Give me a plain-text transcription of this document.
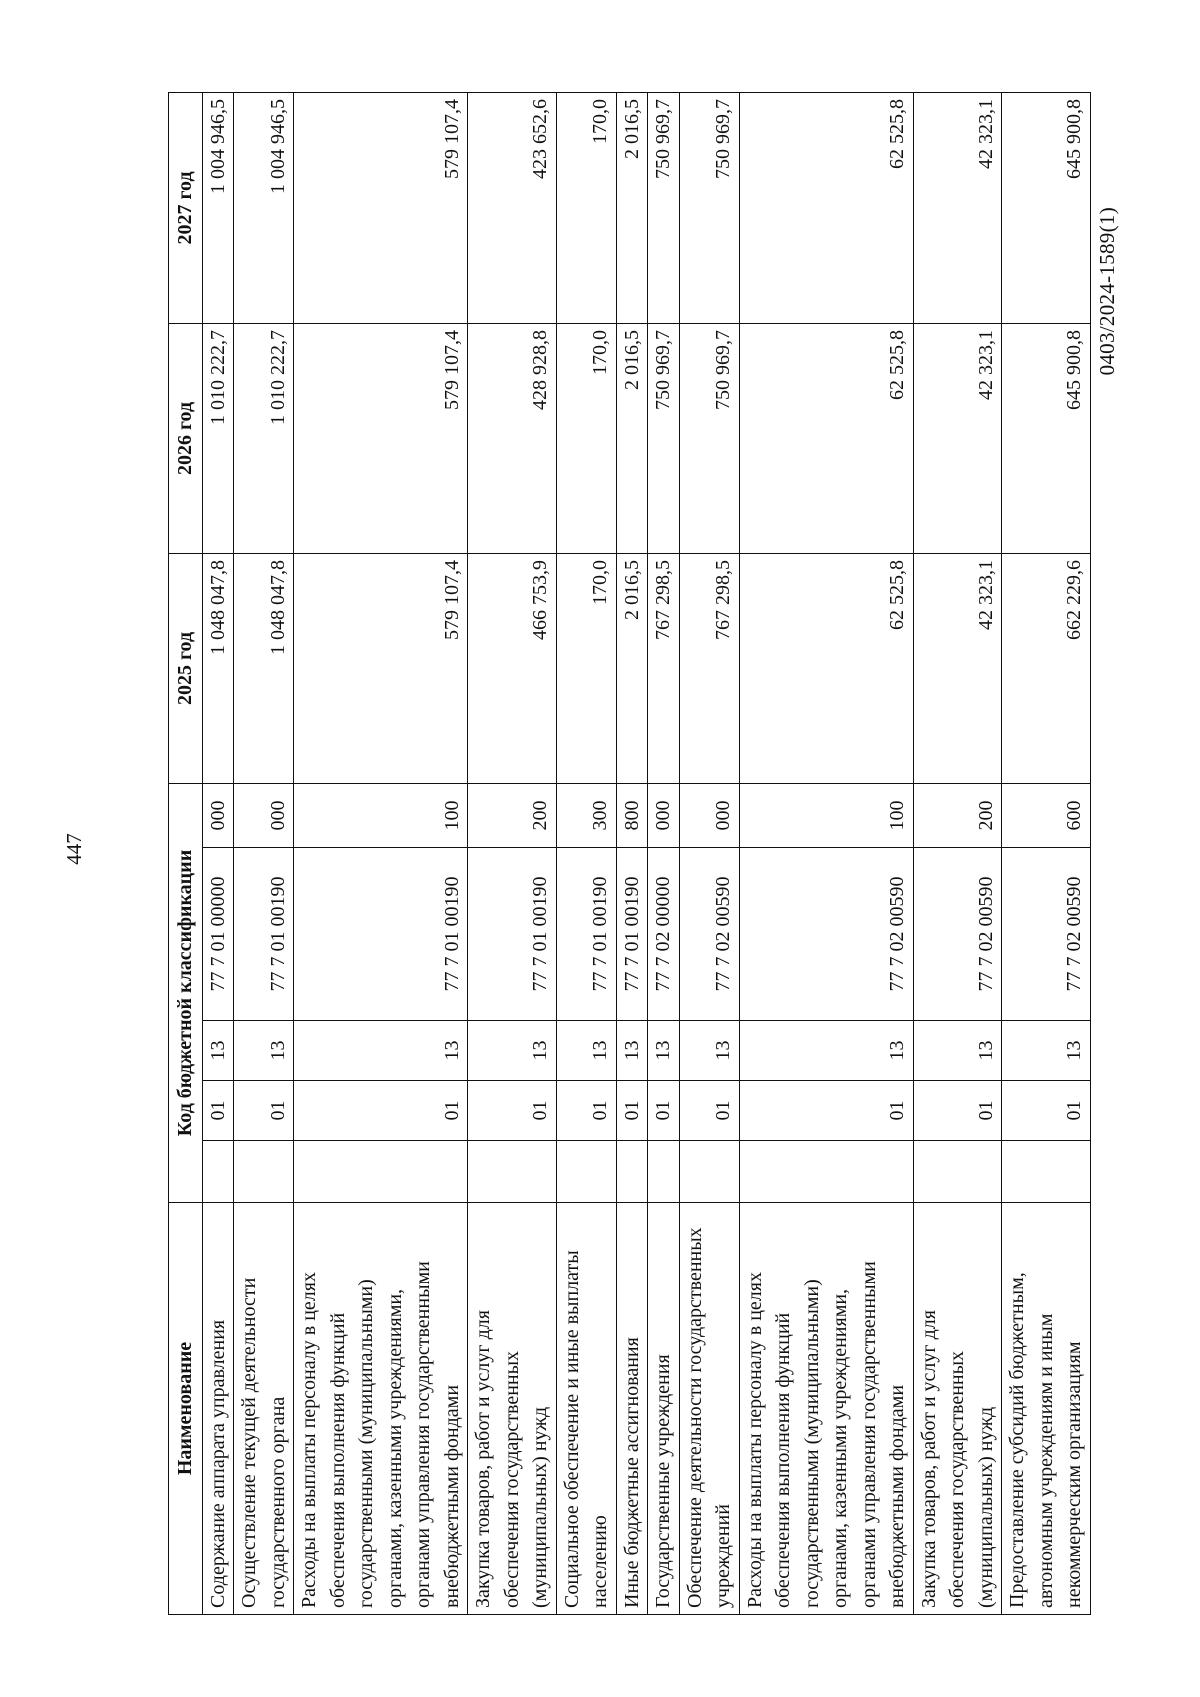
447
Наименование	Код бюджетной классификации					2025 год	2026 год	2027 год
Содержание аппарата управления		01	13	77 7 01 00000	000	1 048 047,8	1 010 222,7	1 004 946,5
Осуществление текущей деятельности государственного органа		01	13	77 7 01 00190	000	1 048 047,8	1 010 222,7	1 004 946,5
Расходы на выплаты персоналу в целях обеспечения выполнения функций государственными (муниципальными) органами, казенными учреждениями, органами управления государственными внебюджетными фондами		01	13	77 7 01 00190	100	579 107,4	579 107,4	579 107,4
Закупка товаров, работ и услуг для обеспечения государственных (муниципальных) нужд		01	13	77 7 01 00190	200	466 753,9	428 928,8	423 652,6
Социальное обеспечение и иные выплаты населению		01	13	77 7 01 00190	300	170,0	170,0	170,0
Иные бюджетные ассигнования		01	13	77 7 01 00190	800	2 016,5	2 016,5	2 016,5
Государственные учреждения		01	13	77 7 02 00000	000	767 298,5	750 969,7	750 969,7
Обеспечение деятельности государственных учреждений		01	13	77 7 02 00590	000	767 298,5	750 969,7	750 969,7
Расходы на выплаты персоналу в целях обеспечения выполнения функций государственными (муниципальными) органами, казенными учреждениями, органами управления государственными внебюджетными фондами		01	13	77 7 02 00590	100	62 525,8	62 525,8	62 525,8
Закупка товаров, работ и услуг для обеспечения государственных (муниципальных) нужд		01	13	77 7 02 00590	200	42 323,1	42 323,1	42 323,1
Предоставление субсидий бюджетным, автономным учреждениям и иным некоммерческим организациям		01	13	77 7 02 00590	600	662 229,6	645 900,8	645 900,8
0403/2024-1589(1)
